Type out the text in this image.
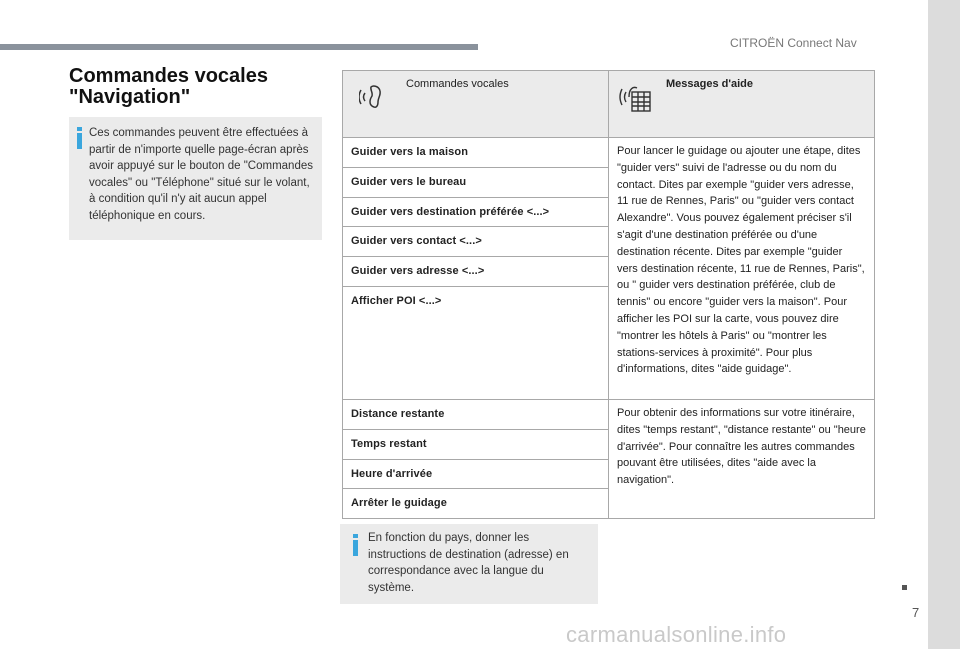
CITROËN Connect Nav
Commandes vocales
"Navigation"
Ces commandes peuvent être effectuées à partir de n'importe quelle page-écran après avoir appuyé sur le bouton de "Commandes vocales" ou "Téléphone" situé sur le volant, à condition qu'il n'y ait aucun appel téléphonique en cours.
Commandes vocales	Messages d'aide

Guider vers la maison	Pour lancer le guidage ou ajouter une étape, dites "guider vers" suivi de l'adresse ou du nom du contact. Dites par exemple "guider vers adresse, 11 rue de Rennes, Paris" ou "guider vers contact Alexandre". Vous pouvez également préciser s'il s'agit d'une destination préférée ou d'une destination récente. Dites par exemple "guider vers destination récente, 11 rue de Rennes, Paris", ou " guider vers destination préférée, club de tennis" ou encore "guider vers la maison". Pour afficher les POI sur la carte, vous pouvez dire "montrer les hôtels à Paris" ou "montrer les stations-services à proximité". Pour plus d'informations, dites "aide guidage".
Guider vers le bureau	
Guider vers destination préférée <...>	
Guider vers contact <...>	
Guider vers adresse <...>	
Afficher POI <...>	
Distance restante	Pour obtenir des informations sur votre itinéraire, dites "temps restant", "distance restante" ou "heure d'arrivée". Pour connaître les autres commandes pouvant être utilisées, dites "aide avec la navigation".
Temps restant	
Heure d'arrivée	
Arrêter le guidage	
En fonction du pays, donner les instructions de destination (adresse) en correspondance avec la langue du système.
7
carmanualsonline.info
